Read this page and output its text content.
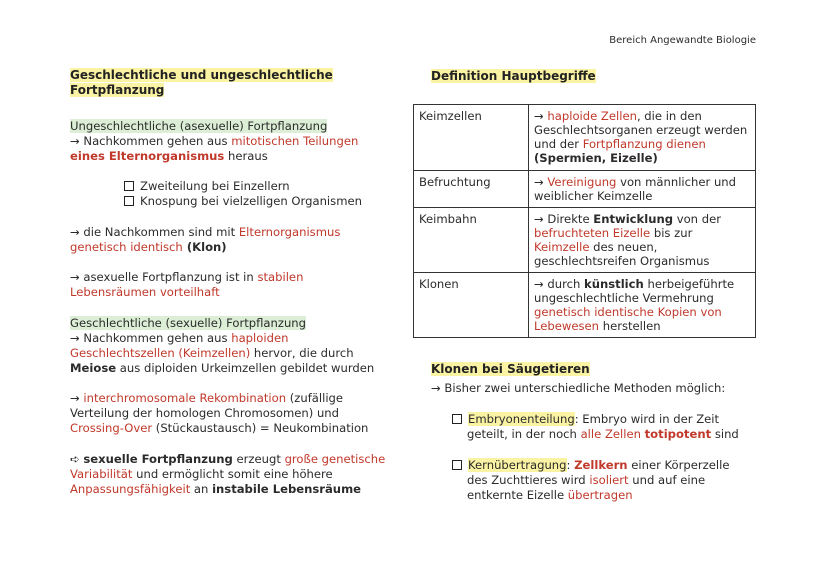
Bereich Angewandte Biologie
Geschlechtliche und ungeschlechtliche
Fortpflanzung
Ungeschlechtliche (asexuelle) Fortpflanzung
→ Nachkommen gehen aus mitotischen Teilungen
eines Elternorganismus heraus
Zweiteilung bei Einzellern
Knospung bei vielzelligen Organismen
→ die Nachkommen sind mit Elternorganismus
genetisch identisch (Klon)
→ asexuelle Fortpflanzung ist in stabilen
Lebensräumen vorteilhaft
Geschlechtliche (sexuelle) Fortpflanzung
→ Nachkommen gehen aus haploiden
Geschlechtszellen (Keimzellen) hervor, die durch
Meiose aus diploiden Urkeimzellen gebildet wurden
→ interchromosomale Rekombination (zufällige
Verteilung der homologen Chromosomen) und
Crossing-Over (Stückaustausch) = Neukombination
➪ sexuelle Fortpflanzung erzeugt große genetische
Variabilität und ermöglicht somit eine höhere
Anpassungsfähigkeit an instabile Lebensräume
Definition Hauptbegriffe
Keimzellen	→ haploide Zellen, die in den Geschlechtsorganen erzeugt werden und der Fortpflanzung dienen (Spermien, Eizelle)
Befruchtung	→ Vereinigung von männlicher und weiblicher Keimzelle
Keimbahn	→ Direkte Entwicklung von der befruchteten Eizelle bis zur Keimzelle des neuen, geschlechtsreifen Organismus
Klonen	→ durch künstlich herbeigeführte ungeschlechtliche Vermehrung genetisch identische Kopien von Lebewesen herstellen
Klonen bei Säugetieren
→ Bisher zwei unterschiedliche Methoden möglich:
Embryonenteilung: Embryo wird in der Zeit
geteilt, in der noch alle Zellen totipotent sind
Kernübertragung: Zellkern einer Körperzelle
des Zuchttieres wird isoliert und auf eine
entkernte Eizelle übertragen
